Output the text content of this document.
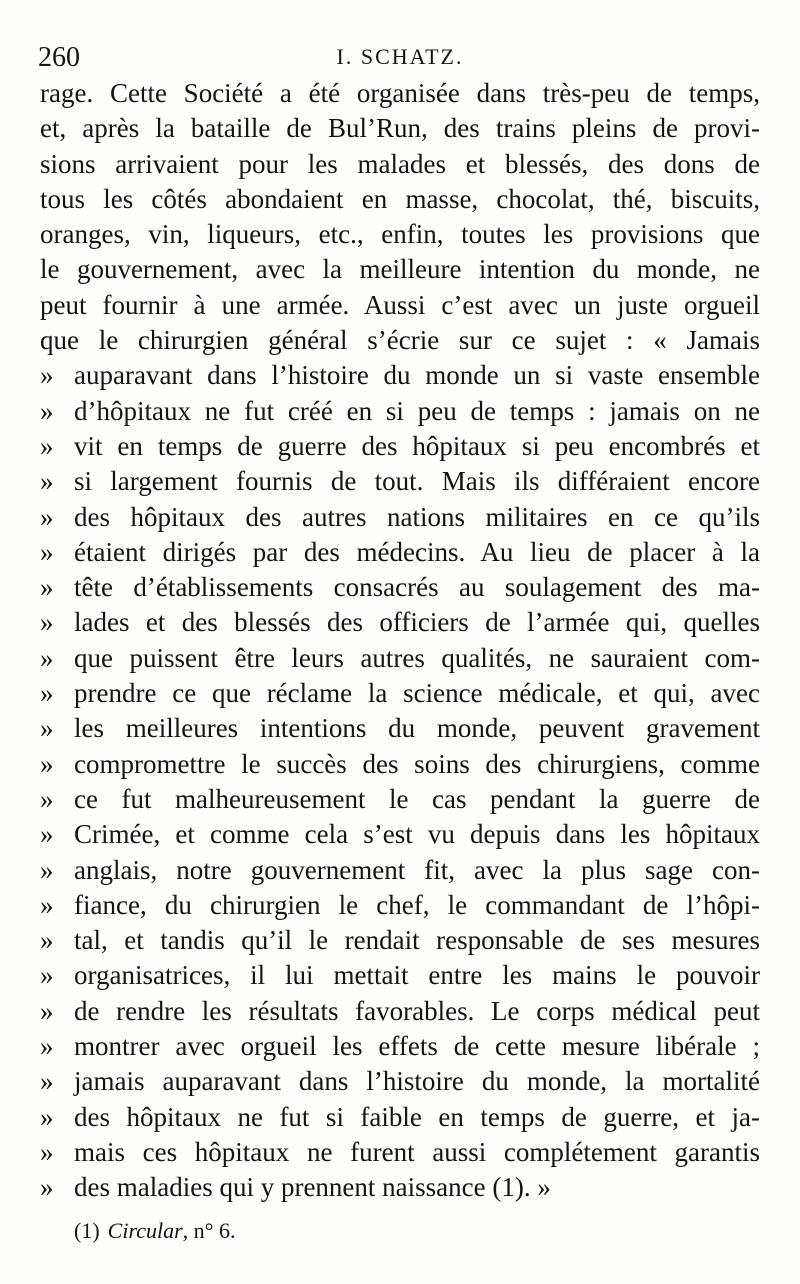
260	I. SCHATZ.
rage. Cette Société a été organisée dans très-peu de temps,
et, après la bataille de Bul’Run, des trains pleins de provi-
sions arrivaient pour les malades et blessés, des dons de
tous les côtés abondaient en masse, chocolat, thé, biscuits,
oranges, vin, liqueurs, etc., enfin, toutes les provisions que
le gouvernement, avec la meilleure intention du monde, ne
peut fournir à une armée. Aussi c’est avec un juste orgueil
que le chirurgien général s’écrie sur ce sujet : « Jamais
» auparavant dans l’histoire du monde un si vaste ensemble
» d’hôpitaux ne fut créé en si peu de temps : jamais on ne
» vit en temps de guerre des hôpitaux si peu encombrés et
» si largement fournis de tout. Mais ils différaient encore
» des hôpitaux des autres nations militaires en ce qu’ils
» étaient dirigés par des médecins. Au lieu de placer à la
» tête d’établissements consacrés au soulagement des ma-
» lades et des blessés des officiers de l’armée qui, quelles
» que puissent être leurs autres qualités, ne sauraient com-
» prendre ce que réclame la science médicale, et qui, avec
» les meilleures intentions du monde, peuvent gravement
» compromettre le succès des soins des chirurgiens, comme
» ce fut malheureusement le cas pendant la guerre de
» Crimée, et comme cela s’est vu depuis dans les hôpitaux
» anglais, notre gouvernement fit, avec la plus sage con-
» fiance, du chirurgien le chef, le commandant de l’hôpi-
» tal, et tandis qu’il le rendait responsable de ses mesures
» organisatrices, il lui mettait entre les mains le pouvoir
» de rendre les résultats favorables. Le corps médical peut
» montrer avec orgueil les effets de cette mesure libérale ;
» jamais auparavant dans l’histoire du monde, la mortalité
» des hôpitaux ne fut si faible en temps de guerre, et ja-
» mais ces hôpitaux ne furent aussi complétement garantis
» des maladies qui y prennent naissance (1). »
(1) Circular, n° 6.
